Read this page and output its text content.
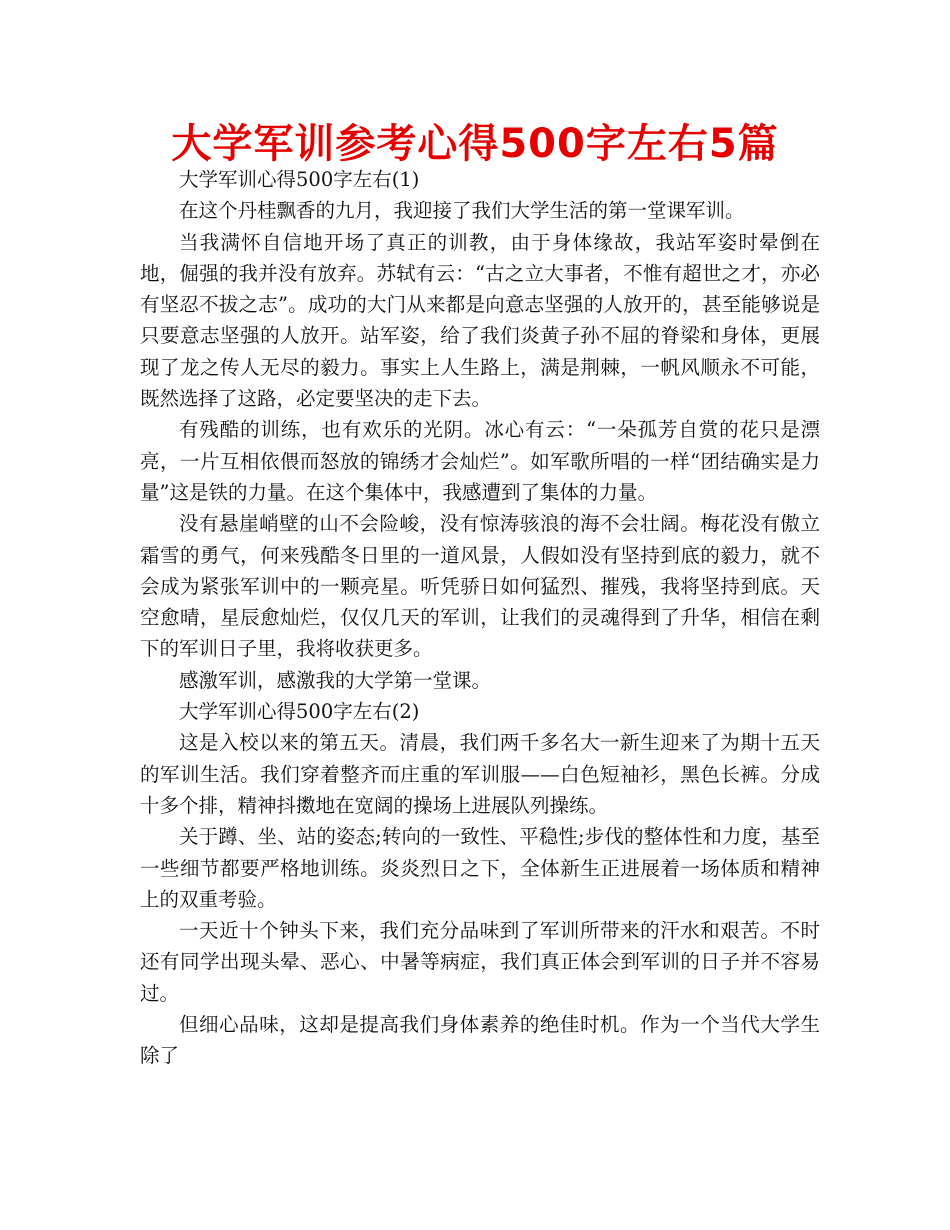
大学军训参考心得500字左右5篇

大学军训心得500字左右(1)

在这个丹桂飘香的九月，我迎接了我们大学生活的第一堂课军训。

当我满怀自信地开场了真正的训教，由于身体缘故，我站军姿时晕倒在地，倔强的我并没有放弃。苏轼有云：“古之立大事者，不惟有超世之才，亦必有坚忍不拔之志”。成功的大门从来都是向意志坚强的人放开的，甚至能够说是只要意志坚强的人放开。站军姿，给了我们炎黄子孙不屈的脊梁和身体，更展现了龙之传人无尽的毅力。事实上人生路上，满是荆棘，一帆风顺永不可能，既然选择了这路，必定要坚决的走下去。

有残酷的训练，也有欢乐的光阴。冰心有云：“一朵孤芳自赏的花只是漂亮，一片互相依偎而怒放的锦绣才会灿烂”。如军歌所唱的一样“团结确实是力量”这是铁的力量。在这个集体中，我感遭到了集体的力量。

没有悬崖峭壁的山不会险峻，没有惊涛骇浪的海不会壮阔。梅花没有傲立霜雪的勇气，何来残酷冬日里的一道风景，人假如没有坚持到底的毅力，就不会成为紧张军训中的一颗亮星。听凭骄日如何猛烈、摧残，我将坚持到底。天空愈晴，星辰愈灿烂，仅仅几天的军训，让我们的灵魂得到了升华，相信在剩下的军训日子里，我将收获更多。

感激军训，感激我的大学第一堂课。

大学军训心得500字左右(2)

这是入校以来的第五天。清晨，我们两千多名大一新生迎来了为期十五天的军训生活。我们穿着整齐而庄重的军训服——白色短袖衫，黑色长裤。分成十多个排，精神抖擞地在宽阔的操场上进展队列操练。

关于蹲、坐、站的姿态;转向的一致性、平稳性;步伐的整体性和力度，基至一些细节都要严格地训练。炎炎烈日之下，全体新生正进展着一场体质和精神上的双重考验。

一天近十个钟头下来，我们充分品味到了军训所带来的汗水和艰苦。不时还有同学出现头晕、恶心、中暑等病症，我们真正体会到军训的日子并不容易过。

但细心品味，这却是提高我们身体素养的绝佳时机。作为一个当代大学生除了
